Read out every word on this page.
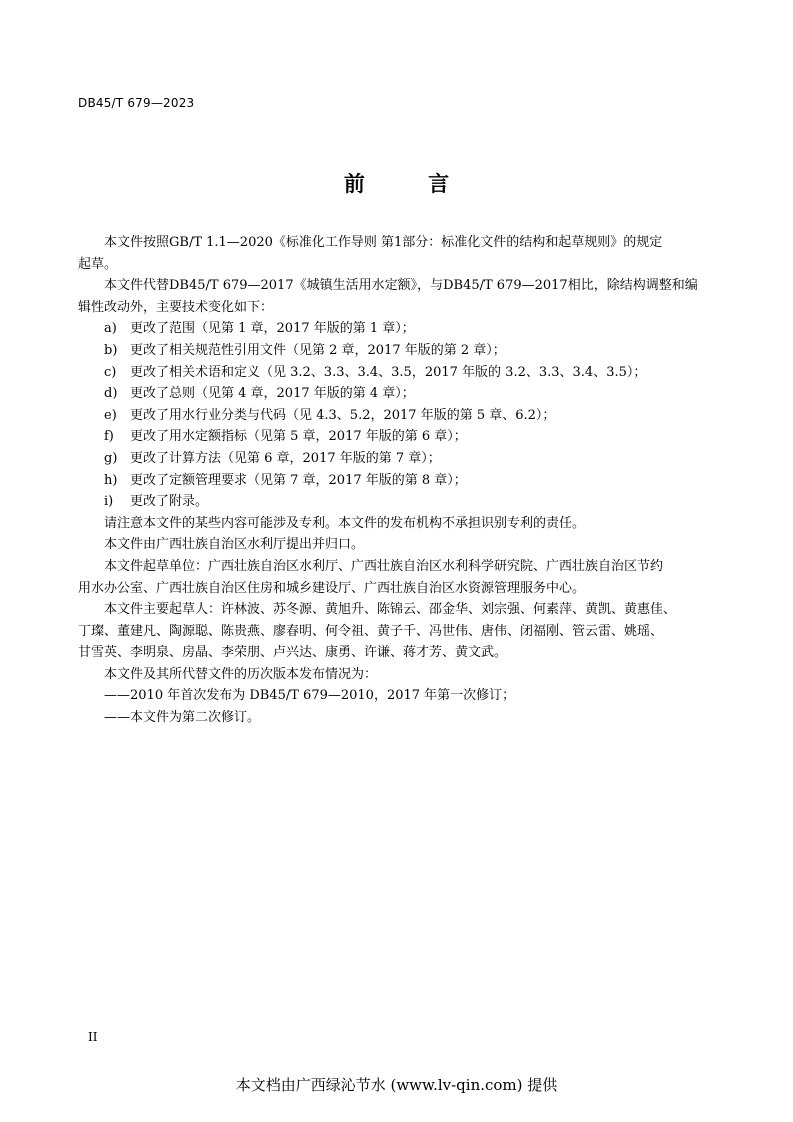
DB45/T 679—2023
前 言

本文件按照GB/T 1.1—2020《标准化工作导则 第1部分：标准化文件的结构和起草规则》的规定

起草。

本文件代替DB45/T 679—2017《城镇生活用水定额》，与DB45/T 679—2017相比，除结构调整和编

辑性改动外，主要技术变化如下：

a) 更改了范围（见第 1 章，2017 年版的第 1 章）；

b) 更改了相关规范性引用文件（见第 2 章，2017 年版的第 2 章）；

c) 更改了相关术语和定义（见 3.2、3.3、3.4、3.5，2017 年版的 3.2、3.3、3.4、3.5）；

d) 更改了总则（见第 4 章，2017 年版的第 4 章）；

e) 更改了用水行业分类与代码（见 4.3、5.2，2017 年版的第 5 章、6.2）；

f) 更改了用水定额指标（见第 5 章，2017 年版的第 6 章）；

g) 更改了计算方法（见第 6 章，2017 年版的第 7 章）；

h) 更改了定额管理要求（见第 7 章，2017 年版的第 8 章）；

i) 更改了附录。

请注意本文件的某些内容可能涉及专利。本文件的发布机构不承担识别专利的责任。

本文件由广西壮族自治区水利厅提出并归口。

本文件起草单位：广西壮族自治区水利厅、广西壮族自治区水利科学研究院、广西壮族自治区节约

用水办公室、广西壮族自治区住房和城乡建设厅、广西壮族自治区水资源管理服务中心。

本文件主要起草人：许林波、苏冬源、黄旭升、陈锦云、邵金华、刘宗强、何素萍、黄凯、黄惠佳、

丁璨、董建凡、陶源聪、陈贵燕、廖春明、何令祖、黄子千、冯世伟、唐伟、闭福刚、管云雷、姚瑶、

甘雪英、李明泉、房晶、李荣朋、卢兴达、康勇、许谦、蒋才芳、黄文武。

本文件及其所代替文件的历次版本发布情况为：

——2010 年首次发布为 DB45/T 679—2010，2017 年第一次修订；

——本文件为第二次修订。

II
本文档由广西绿沁节水 (www.lv-qin.com) 提供
